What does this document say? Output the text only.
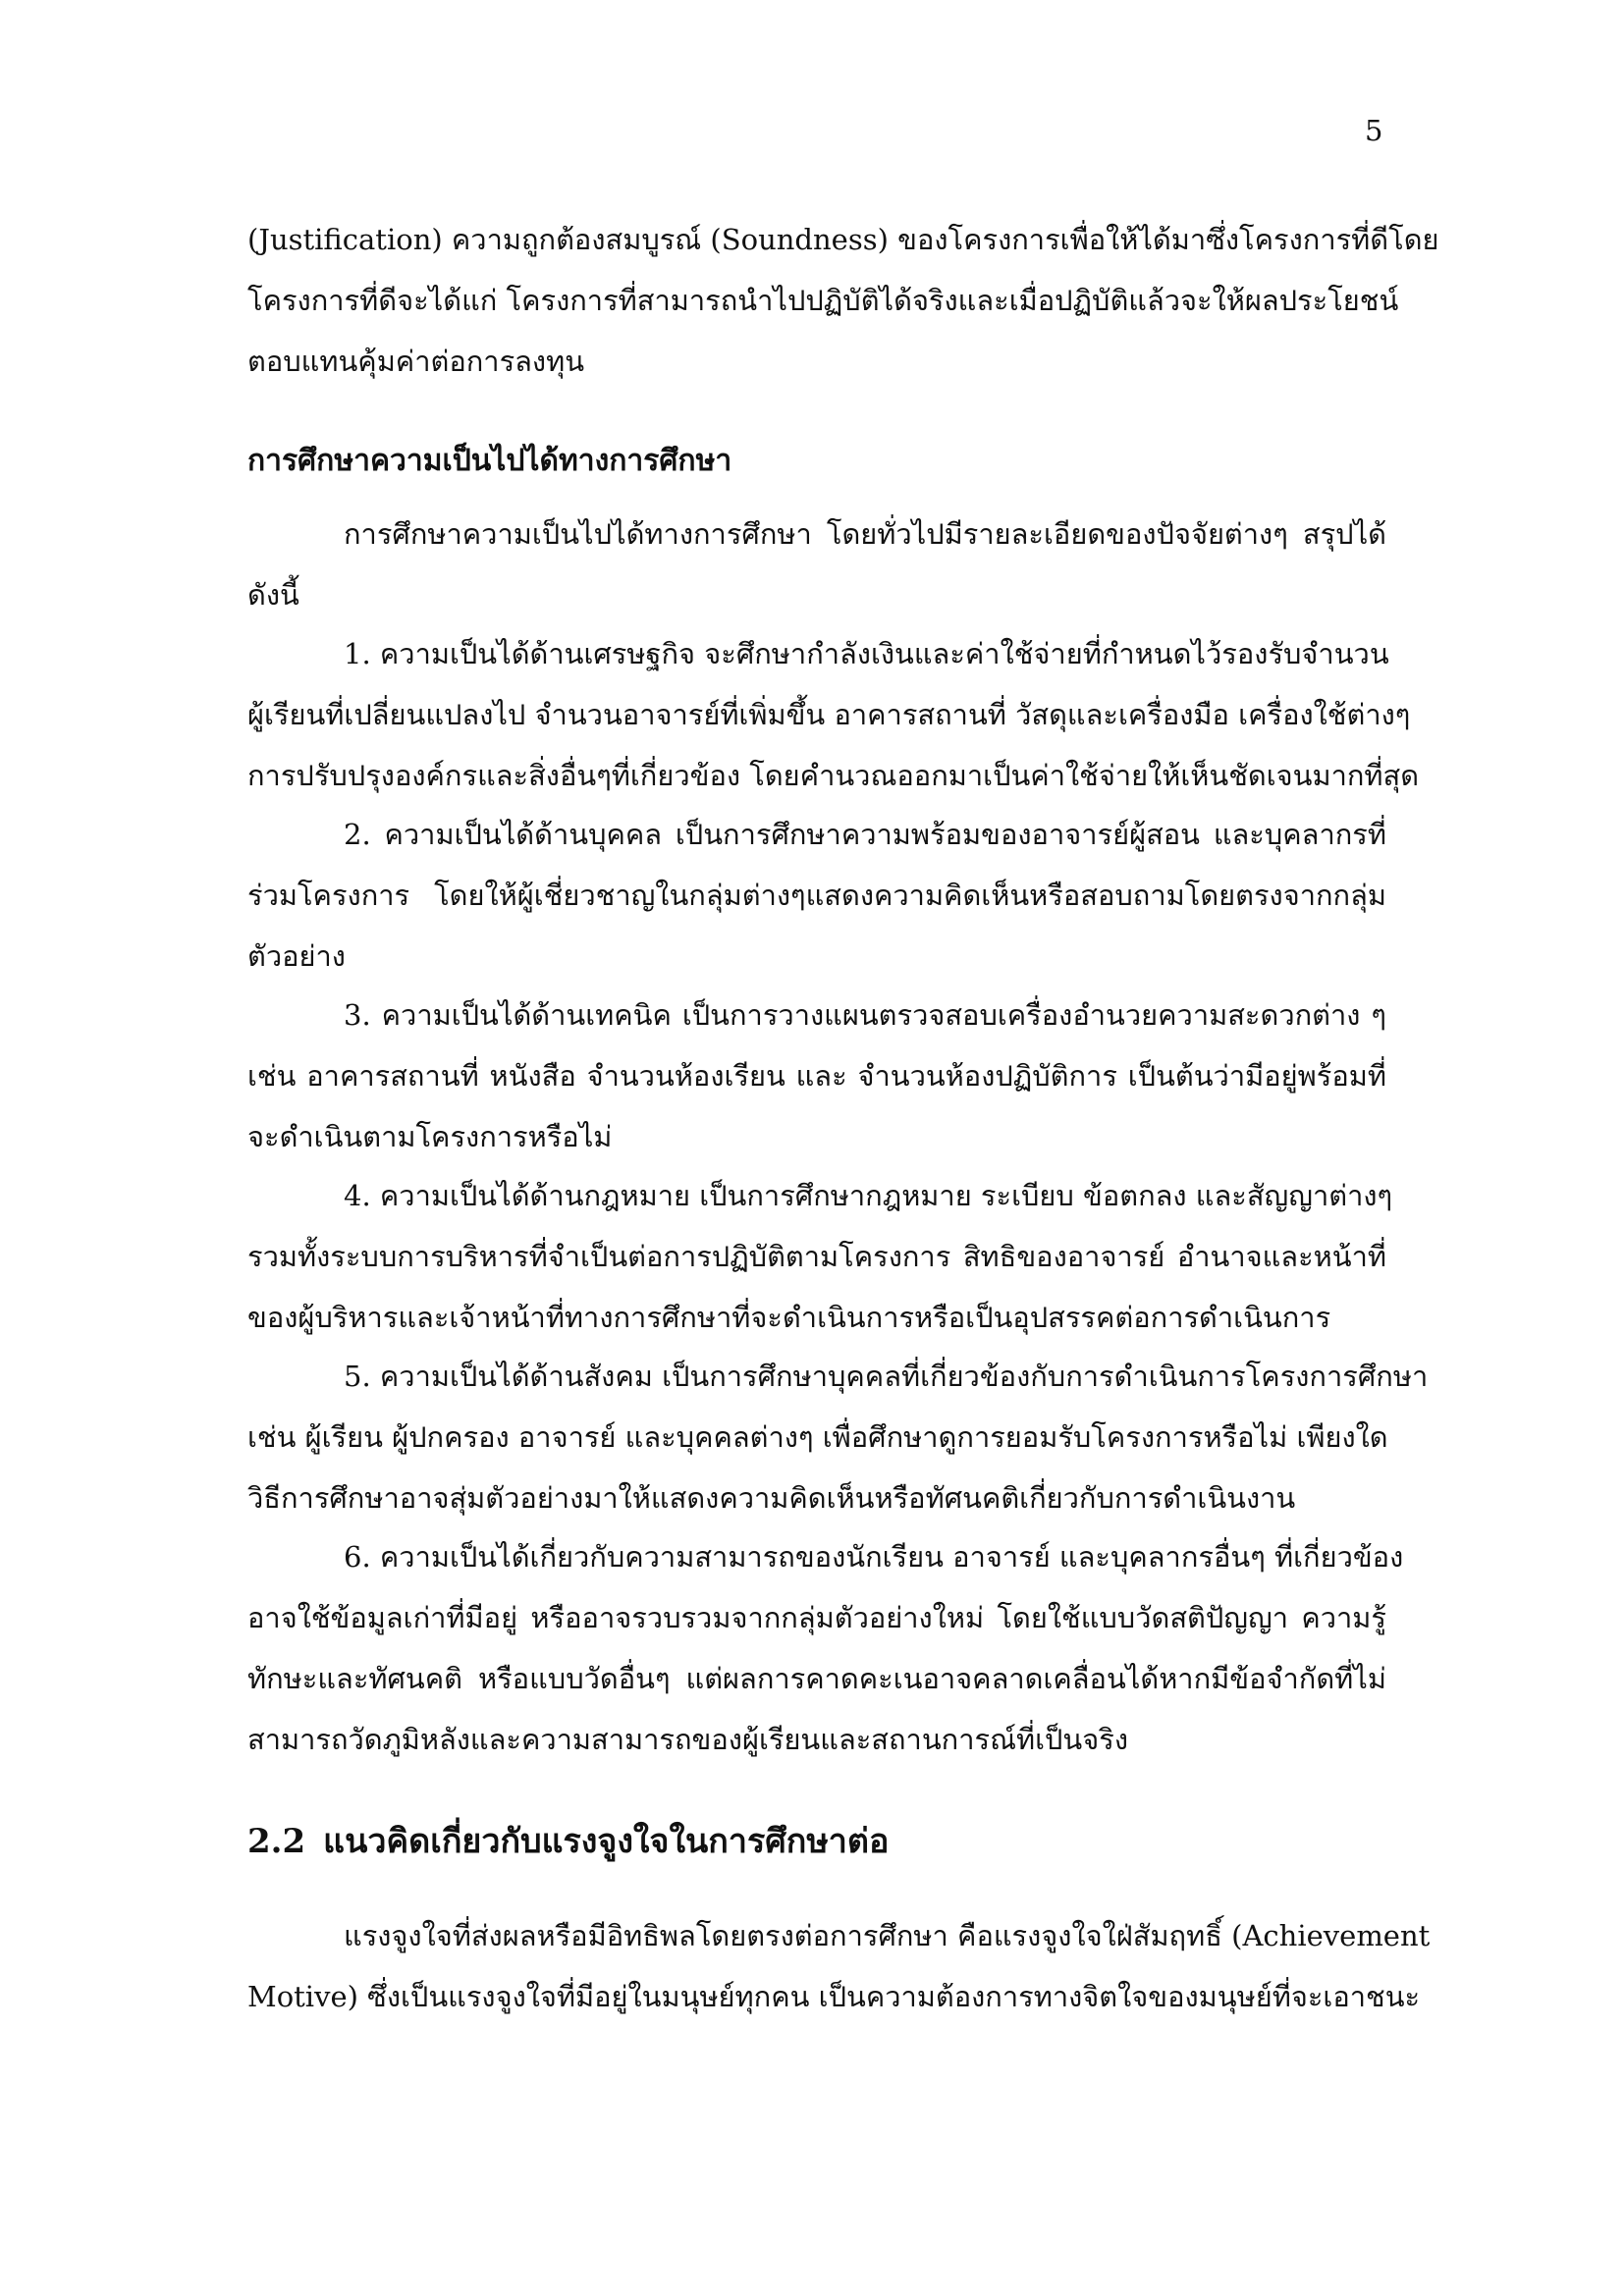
5
(Justification) ความถูกต้องสมบูรณ์ (Soundness) ของโครงการเพื่อให้ได้มาซึ่งโครงการที่ดีโดย
โครงการที่ดีจะได้แก่ โครงการที่สามารถนำไปปฏิบัติได้จริงและเมื่อปฏิบัติแล้วจะให้ผลประโยชน์
ตอบแทนคุ้มค่าต่อการลงทุน
การศึกษาความเป็นไปได้ทางการศึกษา
การศึกษาความเป็นไปได้ทางการศึกษา โดยทั่วไปมีรายละเอียดของปัจจัยต่างๆ สรุปได้
ดังนี้
1. ความเป็นได้ด้านเศรษฐกิจ จะศึกษากำลังเงินและค่าใช้จ่ายที่กำหนดไว้รองรับจำนวน
ผู้เรียนที่เปลี่ยนแปลงไป จำนวนอาจารย์ที่เพิ่มขึ้น อาคารสถานที่ วัสดุและเครื่องมือ เครื่องใช้ต่างๆ
การปรับปรุงองค์กรและสิ่งอื่นๆที่เกี่ยวข้อง โดยคำนวณออกมาเป็นค่าใช้จ่ายให้เห็นชัดเจนมากที่สุด
2. ความเป็นได้ด้านบุคคล เป็นการศึกษาความพร้อมของอาจารย์ผู้สอน และบุคลากรที่
ร่วมโครงการ โดยให้ผู้เชี่ยวชาญในกลุ่มต่างๆแสดงความคิดเห็นหรือสอบถามโดยตรงจากกลุ่ม
ตัวอย่าง
3. ความเป็นได้ด้านเทคนิค เป็นการวางแผนตรวจสอบเครื่องอำนวยความสะดวกต่าง ๆ
เช่น อาคารสถานที่ หนังสือ จำนวนห้องเรียน และ จำนวนห้องปฏิบัติการ เป็นต้นว่ามีอยู่พร้อมที่
จะดำเนินตามโครงการหรือไม่
4. ความเป็นได้ด้านกฎหมาย เป็นการศึกษากฎหมาย ระเบียบ ข้อตกลง และสัญญาต่างๆ
รวมทั้งระบบการบริหารที่จำเป็นต่อการปฏิบัติตามโครงการ สิทธิของอาจารย์ อำนาจและหน้าที่
ของผู้บริหารและเจ้าหน้าที่ทางการศึกษาที่จะดำเนินการหรือเป็นอุปสรรคต่อการดำเนินการ
5. ความเป็นได้ด้านสังคม เป็นการศึกษาบุคคลที่เกี่ยวข้องกับการดำเนินการโครงการศึกษา
เช่น ผู้เรียน ผู้ปกครอง อาจารย์ และบุคคลต่างๆ เพื่อศึกษาดูการยอมรับโครงการหรือไม่ เพียงใด
วิธีการศึกษาอาจสุ่มตัวอย่างมาให้แสดงความคิดเห็นหรือทัศนคติเกี่ยวกับการดำเนินงาน
6. ความเป็นได้เกี่ยวกับความสามารถของนักเรียน อาจารย์ และบุคลากรอื่นๆ ที่เกี่ยวข้อง
อาจใช้ข้อมูลเก่าที่มีอยู่ หรืออาจรวบรวมจากกลุ่มตัวอย่างใหม่ โดยใช้แบบวัดสติปัญญา ความรู้
ทักษะและทัศนคติ หรือแบบวัดอื่นๆ แต่ผลการคาดคะเนอาจคลาดเคลื่อนได้หากมีข้อจำกัดที่ไม่
สามารถวัดภูมิหลังและความสามารถของผู้เรียนและสถานการณ์ที่เป็นจริง
2.2 แนวคิดเกี่ยวกับแรงจูงใจในการศึกษาต่อ
แรงจูงใจที่ส่งผลหรือมีอิทธิพลโดยตรงต่อการศึกษา คือแรงจูงใจใฝ่สัมฤทธิ์ (Achievement
Motive) ซึ่งเป็นแรงจูงใจที่มีอยู่ในมนุษย์ทุกคน เป็นความต้องการทางจิตใจของมนุษย์ที่จะเอาชนะ
